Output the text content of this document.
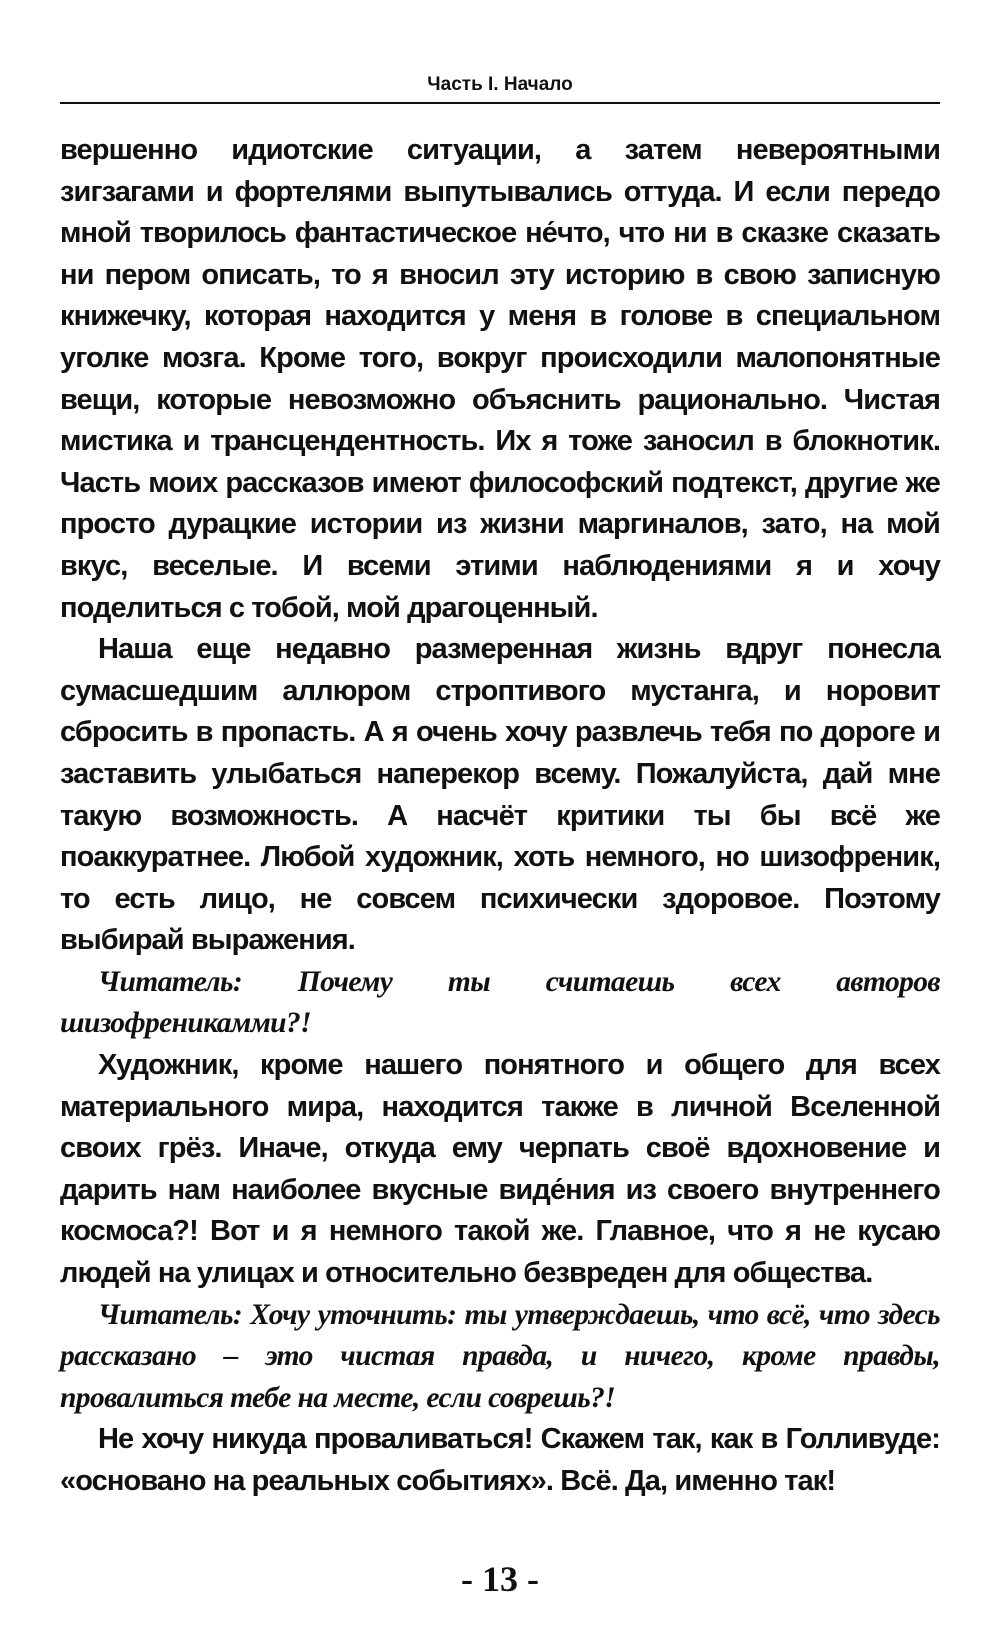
Часть I. Начало

вершенно идиотские ситуации, а затем невероятными зигзагами и фортелями выпутывались оттуда. И если передо мной творилось фантастическое не́что, что ни в сказке сказать ни пером описать, то я вносил эту историю в свою записную книжечку, которая находится у меня в голове в специальном уголке мозга. Кроме того, вокруг происходили малопонятные вещи, которые невозможно объяснить рационально. Чистая мистика и трансцендентность. Их я тоже заносил в блокнотик. Часть моих рассказов имеют философский подтекст, другие же просто дурацкие истории из жизни маргиналов, зато, на мой вкус, веселые. И всеми этими наблюдениями я и хочу поделиться с тобой, мой драгоценный.

Наша еще недавно размеренная жизнь вдруг понесла сумасшедшим аллюром строптивого мустанга, и норовит сбросить в пропасть. А я очень хочу развлечь тебя по дороге и заставить улыбаться наперекор всему. Пожалуйста, дай мне такую возможность. А насчёт критики ты бы всё же поаккуратнее. Любой художник, хоть немного, но шизофреник, то есть лицо, не совсем психически здоровое. Поэтому выбирай выражения.

Читатель: Почему ты считаешь всех авторов шизофреникамми?!

Художник, кроме нашего понятного и общего для всех материального мира, находится также в личной Вселенной своих грёз. Иначе, откуда ему черпать своё вдохновение и дарить нам наиболее вкусные виде́ния из своего внутреннего космоса?! Вот и я немного такой же. Главное, что я не кусаю людей на улицах и относительно безвреден для общества.

Читатель: Хочу уточнить: ты утверждаешь, что всё, что здесь рассказано – это чистая правда, и ничего, кроме правды, провалиться тебе на месте, если соврешь?!

Не хочу никуда проваливаться! Скажем так, как в Голливуде: «основано на реальных событиях». Всё. Да, именно так!

- 13 -
